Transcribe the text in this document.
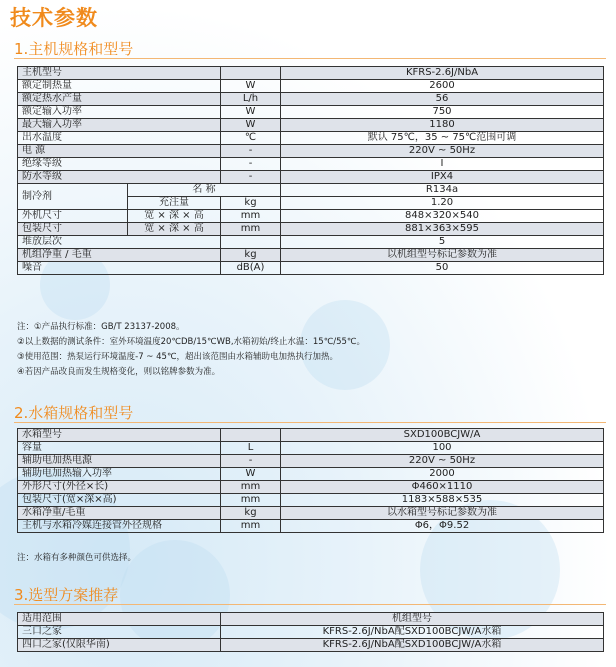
技术参数
1.主机规格和型号
主机型号			KFRS-2.6J/NbA
额定制热量		W	2600
额定热水产量		L/h	56
额定输入功率		W	750
最大输入功率		W	1180
出水温度		℃	默认 75℃，35 ~ 75℃范围可调
电 源		-	220V ~ 50Hz
绝缘等级		-	I
防水等级		-	IPX4
制冷剂	名 称		R134a
	充注量	kg	1.20
外机尺寸	宽 × 深 × 高	mm	848×320×540
包装尺寸	宽 × 深 × 高	mm	881×363×595
堆放层次			5
机组净重 / 毛重		kg	以机组型号标记参数为准
噪音		dB(A)	50
注：①产品执行标准：GB/T 23137-2008。
②以上数据的测试条件：室外环境温度20℃DB/15℃WB,水箱初始/终止水温：15℃/55℃。
③使用范围：热泵运行环境温度-7 ~ 45℃，超出该范围由水箱辅助电加热执行加热。
④若因产品改良而发生规格变化，则以铭牌参数为准。
2.水箱规格和型号
水箱型号		SXD100BCJW/A
容量	L	100
辅助电加热电源	-	220V ~ 50Hz
辅助电加热输入功率	W	2000
外形尺寸(外径×长)	mm	Φ460×1110
包装尺寸(宽×深×高)	mm	1183×588×535
水箱净重/毛重	kg	以水箱型号标记参数为准
主机与水箱冷媒连接管外径规格	mm	Φ6，Φ9.52
注：水箱有多种颜色可供选择。
3.选型方案推荐
适用范围	机组型号
三口之家	KFRS-2.6J/NbA配SXD100BCJW/A水箱
四口之家(仅限华南)	KFRS-2.6J/NbA配SXD100BCJW/A水箱
